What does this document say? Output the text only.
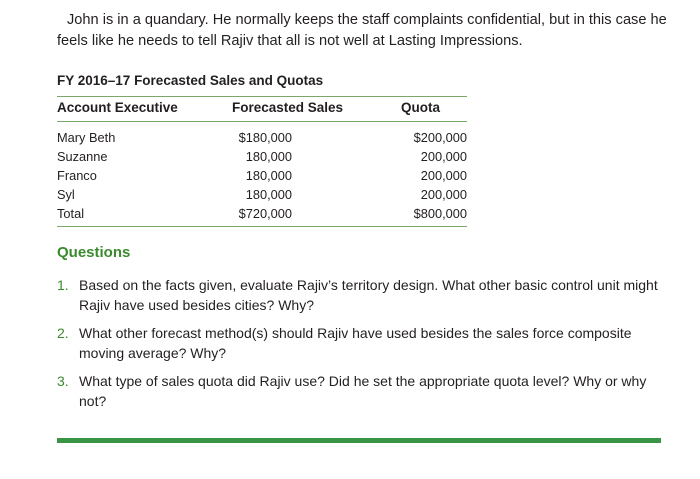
John is in a quandary. He normally keeps the staff complaints confidential, but in this case he feels like he needs to tell Rajiv that all is not well at Lasting Impressions.

FY 2016–17 Forecasted Sales and Quotas

Account Executive	Forecasted Sales	Quota

Mary Beth	$180,000	$200,000
Suzanne	180,000	200,000
Franco	180,000	200,000
Syl	180,000	200,000
Total	$720,000	$800,000

Questions

1. Based on the facts given, evaluate Rajiv’s territory design. What other basic control unit might Rajiv have used besides cities? Why?
2. What other forecast method(s) should Rajiv have used besides the sales force composite moving average? Why?
3. What type of sales quota did Rajiv use? Did he set the appropriate quota level? Why or why not?
